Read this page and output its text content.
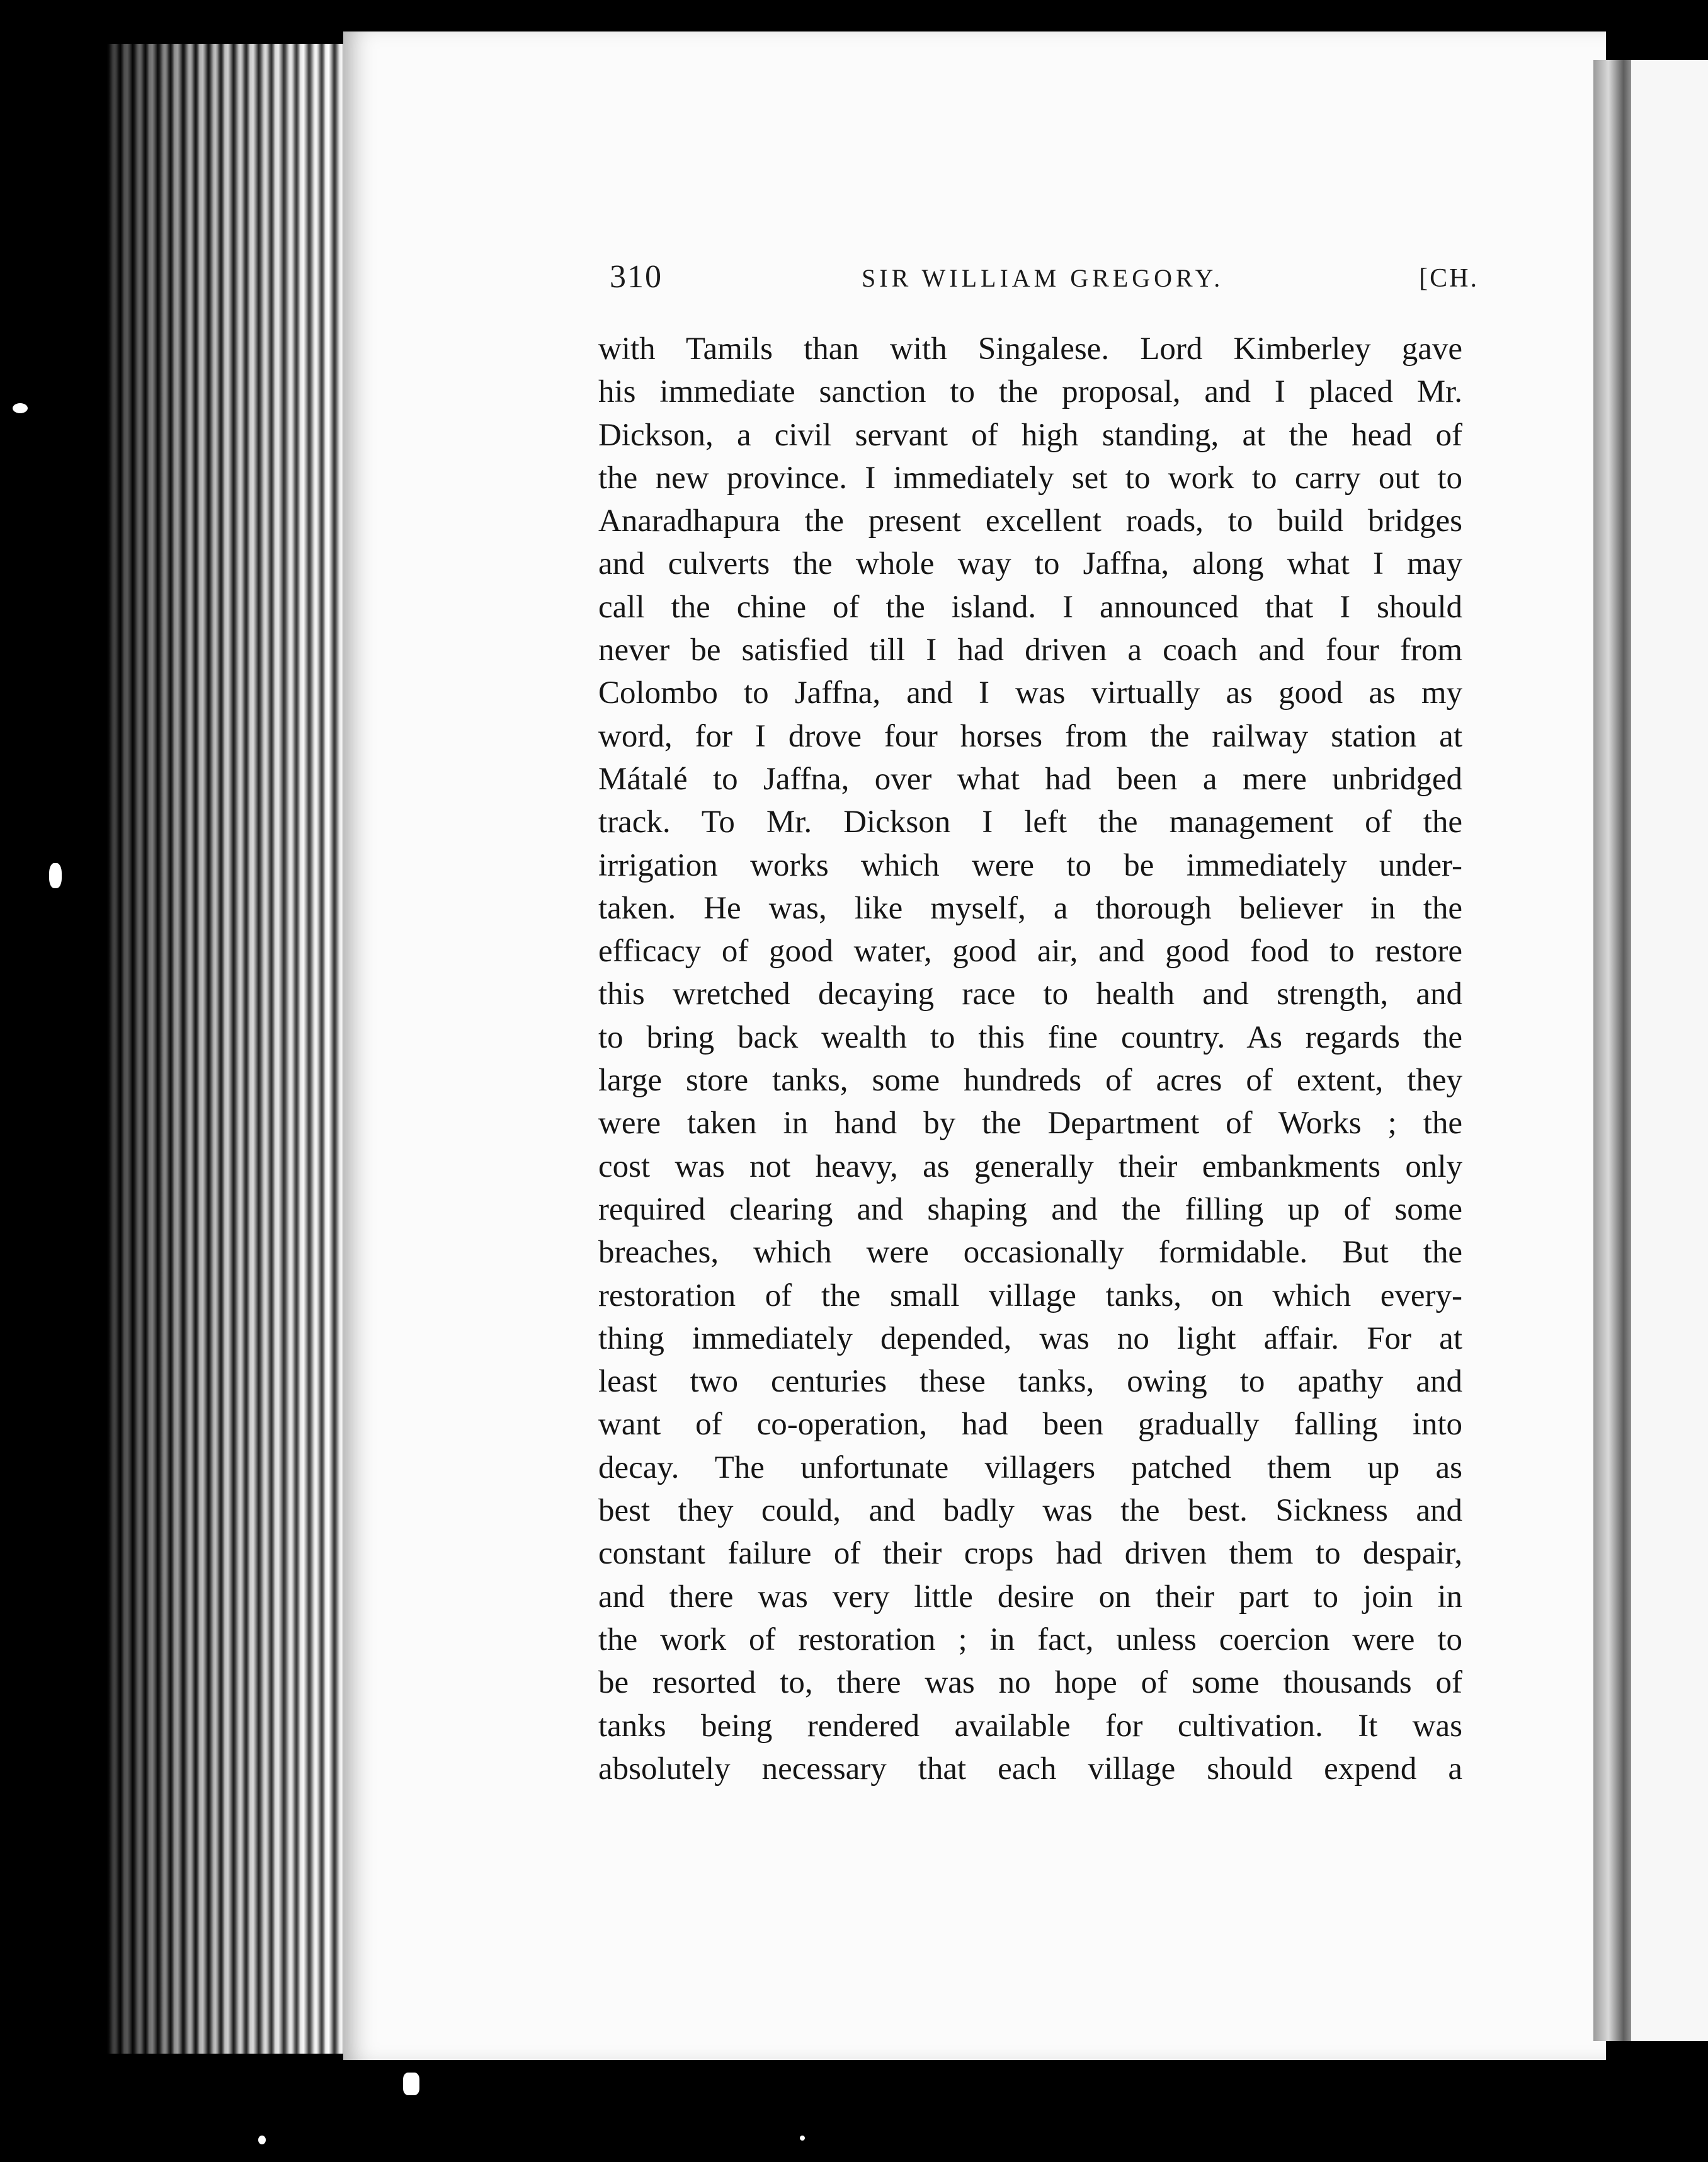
310	SIR WILLIAM GREGORY.	[CH.
with Tamils than with Singalese. Lord Kimberley gave
his immediate sanction to the proposal, and I placed Mr.
Dickson, a civil servant of high standing, at the head of
the new province. I immediately set to work to carry out to
Anaradhapura the present excellent roads, to build bridges
and culverts the whole way to Jaffna, along what I may
call the chine of the island. I announced that I should
never be satisfied till I had driven a coach and four from
Colombo to Jaffna, and I was virtually as good as my
word, for I drove four horses from the railway station at
Mátalé to Jaffna, over what had been a mere unbridged
track. To Mr. Dickson I left the management of the
irrigation works which were to be immediately under-
taken. He was, like myself, a thorough believer in the
efficacy of good water, good air, and good food to restore
this wretched decaying race to health and strength, and
to bring back wealth to this fine country. As regards the
large store tanks, some hundreds of acres of extent, they
were taken in hand by the Department of Works ; the
cost was not heavy, as generally their embankments only
required clearing and shaping and the filling up of some
breaches, which were occasionally formidable. But the
restoration of the small village tanks, on which every-
thing immediately depended, was no light affair. For at
least two centuries these tanks, owing to apathy and
want of co-operation, had been gradually falling into
decay. The unfortunate villagers patched them up as
best they could, and badly was the best. Sickness and
constant failure of their crops had driven them to despair,
and there was very little desire on their part to join in
the work of restoration ; in fact, unless coercion were to
be resorted to, there was no hope of some thousands of
tanks being rendered available for cultivation. It was
absolutely necessary that each village should expend a
